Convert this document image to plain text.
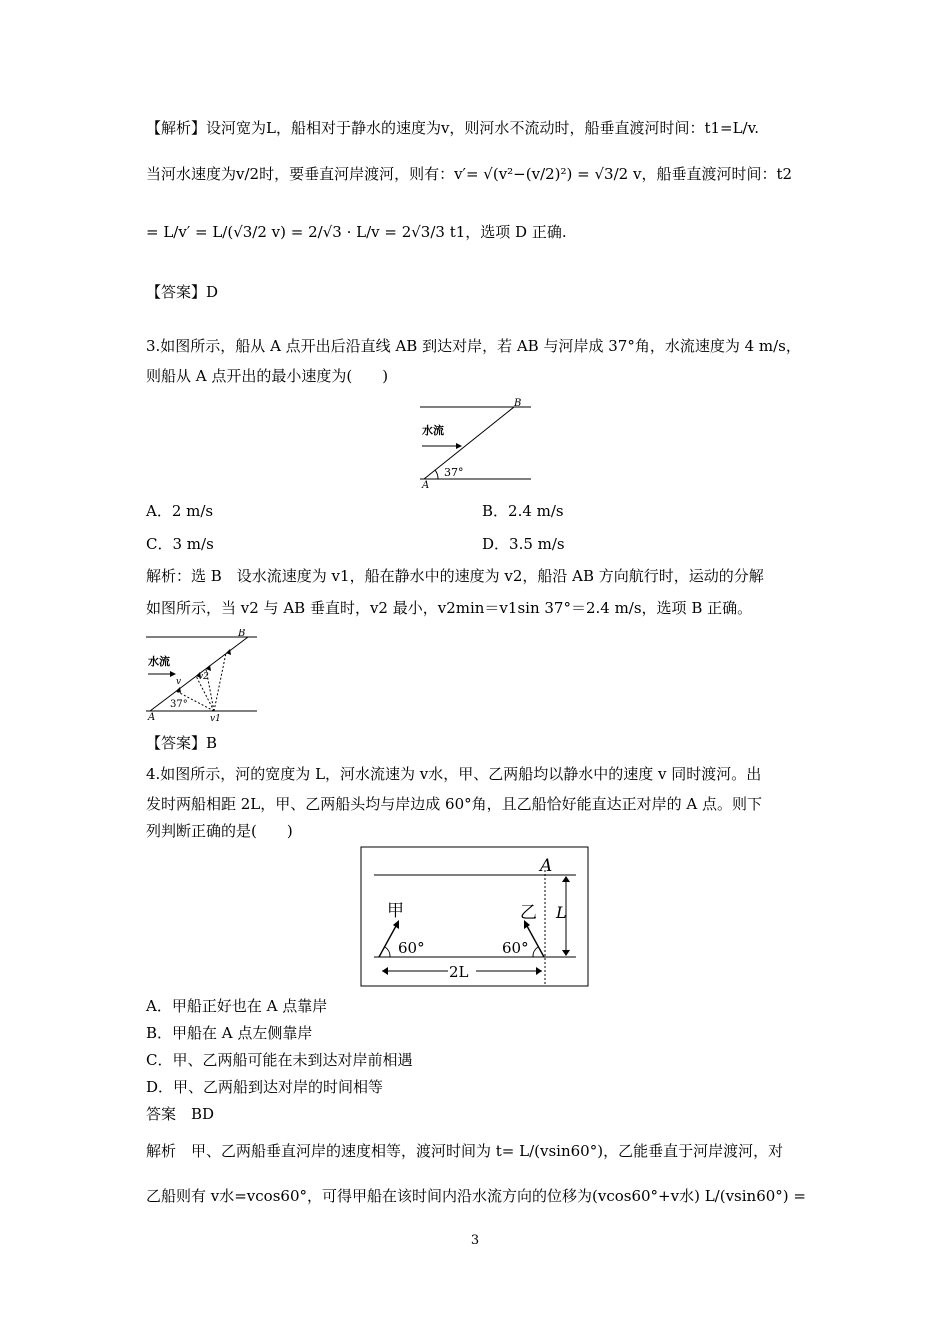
【解析】设河宽为L，船相对于静水的速度为v，则河水不流动时，船垂直渡河时间：t1=L/v.
当河水速度为v/2时，要垂直河岸渡河，则有：v′= √(v²−(v/2)²) = √3/2 v，船垂直渡河时间：t2
= L/v′ = L/(√3/2 v) = 2/√3 · L/v = 2√3/3 t1，选项 D 正确.
【答案】D
3.如图所示，船从 A 点开出后沿直线 AB 到达对岸，若 AB 与河岸成 37°角，水流速度为 4 m/s，
则船从 A 点开出的最小速度为(　　)
水流
37°
A
B
A．2 m/s	B．2.4 m/s
C．3 m/s	D．3.5 m/s
解析：选 B　设水流速度为 v1，船在静水中的速度为 v2，船沿 AB 方向航行时，运动的分解
如图所示，当 v2 与 AB 垂直时，v2 最小，v2min＝v1sin 37°＝2.4 m/s，选项 B 正确。
水流
v v2
37°
v1
A
B
【答案】B
4.如图所示，河的宽度为 L，河水流速为 v水，甲、乙两船均以静水中的速度 v 同时渡河。出
发时两船相距 2L，甲、乙两船头均与岸边成 60°角，且乙船恰好能直达正对岸的 A 点。则下
列判断正确的是(　　)
A
甲	乙
60°	60°
L
2L
A．甲船正好也在 A 点靠岸
B．甲船在 A 点左侧靠岸
C．甲、乙两船可能在未到达对岸前相遇
D．甲、乙两船到达对岸的时间相等
答案　BD
解析　甲、乙两船垂直河岸的速度相等，渡河时间为 t= L/(vsin60°)，乙能垂直于河岸渡河，对
乙船则有 v水=vcos60°，可得甲船在该时间内沿水流方向的位移为(vcos60°+v水) L/(vsin60°) =
3
